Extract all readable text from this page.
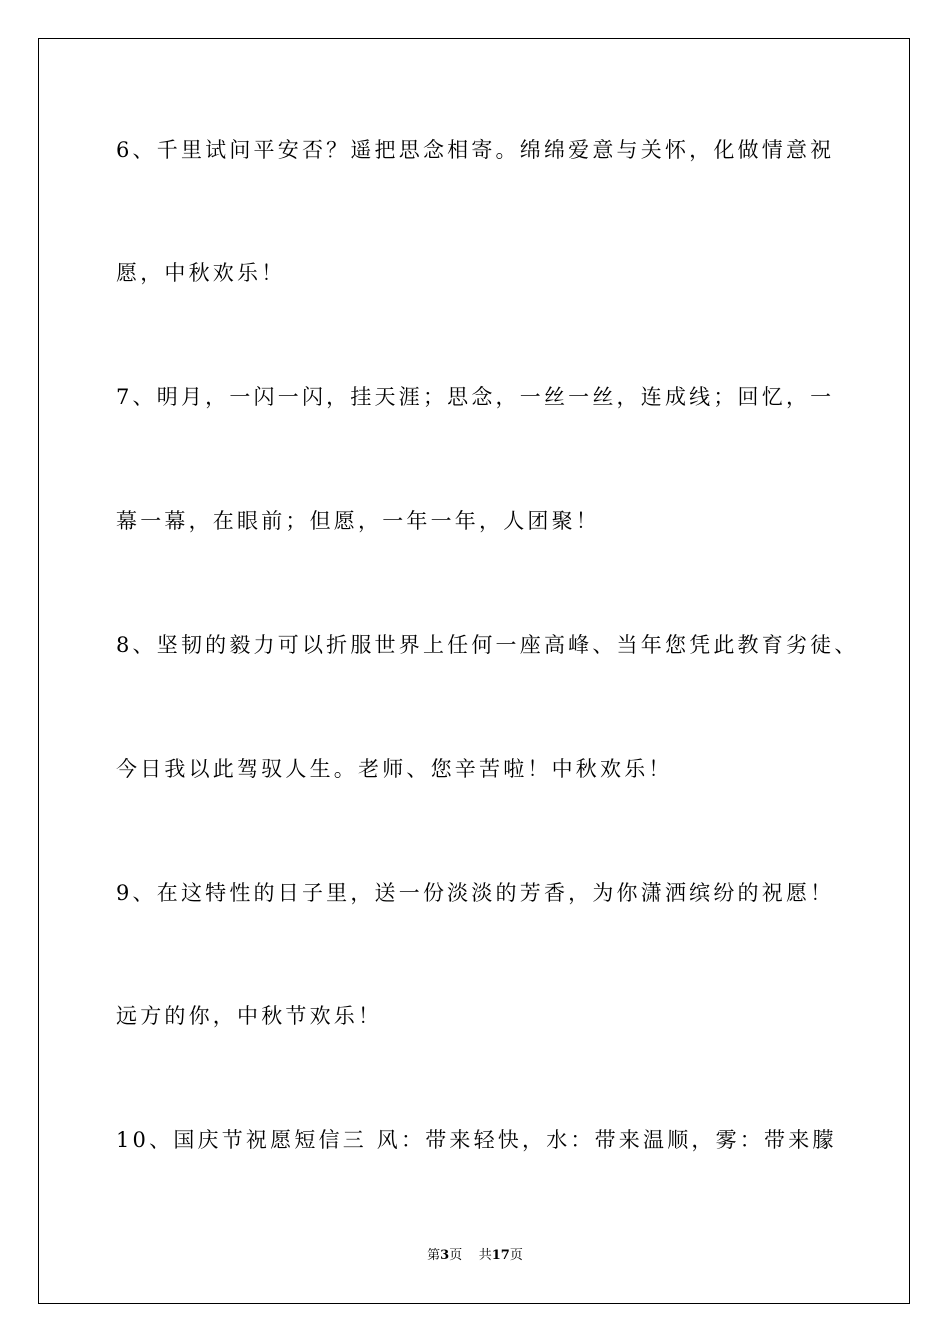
6、千里试问平安否？遥把思念相寄。绵绵爱意与关怀，化做情意祝
愿，中秋欢乐！
7、明月，一闪一闪，挂天涯；思念，一丝一丝，连成线；回忆，一
幕一幕，在眼前；但愿，一年一年，人团聚！
8、坚韧的毅力可以折服世界上任何一座高峰、当年您凭此教育劣徒、
今日我以此驾驭人生。老师、您辛苦啦！中秋欢乐！
9、在这特性的日子里，送一份淡淡的芳香，为你潇洒缤纷的祝愿！
远方的你，中秋节欢乐！
10、国庆节祝愿短信三 风：带来轻快，水：带来温顺，雾：带来朦
第3页 共17页
